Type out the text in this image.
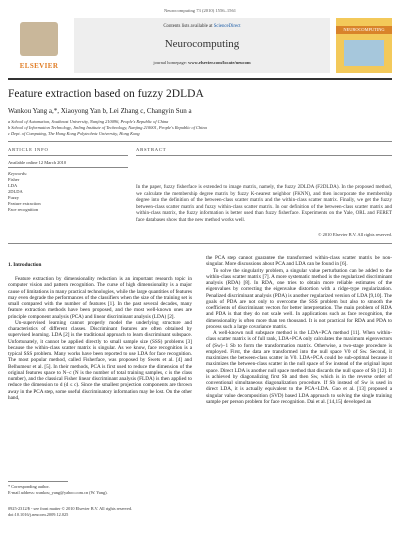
Neurocomputing 73 (2010) 1556–1561
ELSEVIER
Contents lists available at ScienceDirect
Neurocomputing
journal homepage: www.elsevier.com/locate/neucom
NEUROCOMPUTING
Feature extraction based on fuzzy 2DLDA
Wankou Yang a,*, Xiaoyong Yan b, Lei Zhang c, Changyin Sun a
a School of Automation, Southeast University, Nanjing 210096, People's Republic of China
b School of Information Technology, Jinling Institute of Technology, Nanjing 210001, People's Republic of China
c Dept. of Computing, The Hong Kong Polytechnic University, Hong Kong
ARTICLE INFO	ABSTRACT
Available online 12 March 2010
Keywords:
Fisher
LDA
2DLDA
Fuzzy
Feature extraction
Face recognition
In the paper, fuzzy fisherface is extended to image matrix, namely, the fuzzy 2DLDA (F2DLDA). In the proposed method, we calculate the membership degree matrix by fuzzy K-nearest neighbor (FKNN), and then incorporate the membership degree into the definition of the between-class scatter matrix and the within-class scatter matrix. Finally, we get the fuzzy between-class scatter matrix and fuzzy within-class scatter matrix. In our definition of the between-class scatter matrix and within-class matrix, the fuzzy information is better used than fuzzy fisherface. Experiments on the Yale, ORL and FERET face databases show that the new method works well.
© 2010 Elsevier B.V. All rights reserved.
1. Introduction

Feature extraction by dimensionality reduction is an important research topic in computer vision and pattern recognition. The curse of high dimensionality is a major cause of limitations in many practical technologies, while the large quantities of features may even degrade the performances of the classifiers when the size of the training set is small compared with the number of features [1]. In the past several decades, many feature extraction methods have been proposed, and the most well-known ones are principle component analysis (PCA) and linear discriminant analysis (LDA) [2].

Un-supervised learning cannot properly model the underlying structure and characteristics of different classes. Discriminant features are often obtained by supervised learning. LDA [2] is the traditional approach to learn discriminant subspace. Unfortunately, it cannot be applied directly to small sample size (SSS) problems [3] because the within-class scatter matrix is singular. As we know, face recognition is a typical SSS problem. Many works have been reported to use LDA for face recognition. The most popular method, called Fisherface, was proposed by Swets et al. [4] and Belhumeur et al. [5]. In their methods, PCA is first used to reduce the dimension of the original features space to N−c (N is the number of total training samples, c is the class number), and the classical Fisher linear discriminant analysis (FLDA) is then applied to reduce the dimension to d (d ≤ c). Since the smallest projection components are thrown away in the PCA step, some useful discriminatory information may be lost. On the other hand,

the PCA step cannot guarantee the transformed within-class scatter matrix be non-singular. More discussions about PCA and LDA can be found in [6].

To solve the singularity problem, a singular value perturbation can be added to the within-class scatter matrix [7]. A more systematic method is the regularized discriminant analysis (RDA) [8]. In RDA, one tries to obtain more reliable estimates of the eigenvalues by correcting the eigenvalue distortion with a ridge-type regularization. Penalized discriminant analysis (PDA) is another regularized version of LDA [9,10]. The goals of PDA are not only to overcome the SSS problem but also to smooth the coefficients of discriminant vectors for better interpretation. The main problem of RDA and PDA is that they do not scale well. In applications such as face recognition, the dimensionality is often more than ten thousand. It is not practical for RDA and PDA to process such a large covariance matrix.

A well-known null subspace method is the LDA+PCA method [11]. When within-class scatter matrix is of full rank, LDA+PCA only calculates the maximum eigenvectors of (Sw)−1 Sb to form the transformation matrix. Otherwise, a two-stage procedure is employed. First, the data are transformed into the null space V0 of Sw. Second, it maximizes the between-class scatter in V0. LDA+PCA could be sub-optimal because it maximizes the between-class scatter in the null space of Sw instead of the original input space. Direct LDA is another null space method that discards the null space of Sb [12]. It is achieved by diagonalizing first Sb and then Sw, which is in the reverse order of conventional simultaneous diagonalization procedure. If Sb instead of Sw is used in direct LDA, it is actually equivalent to the PCA+LDA. Gao et al. [13] proposed a singular value decomposition (SVD) based LDA approach to solving the single training sample per person problem for face recognition. Dai et al. [14,15] developed an

* Corresponding author.
E-mail address: wankou_yang@yahoo.com.cn (W. Yang).
0925-2312/$ - see front matter © 2010 Elsevier B.V. All rights reserved.
doi:10.1016/j.neucom.2009.12.025
